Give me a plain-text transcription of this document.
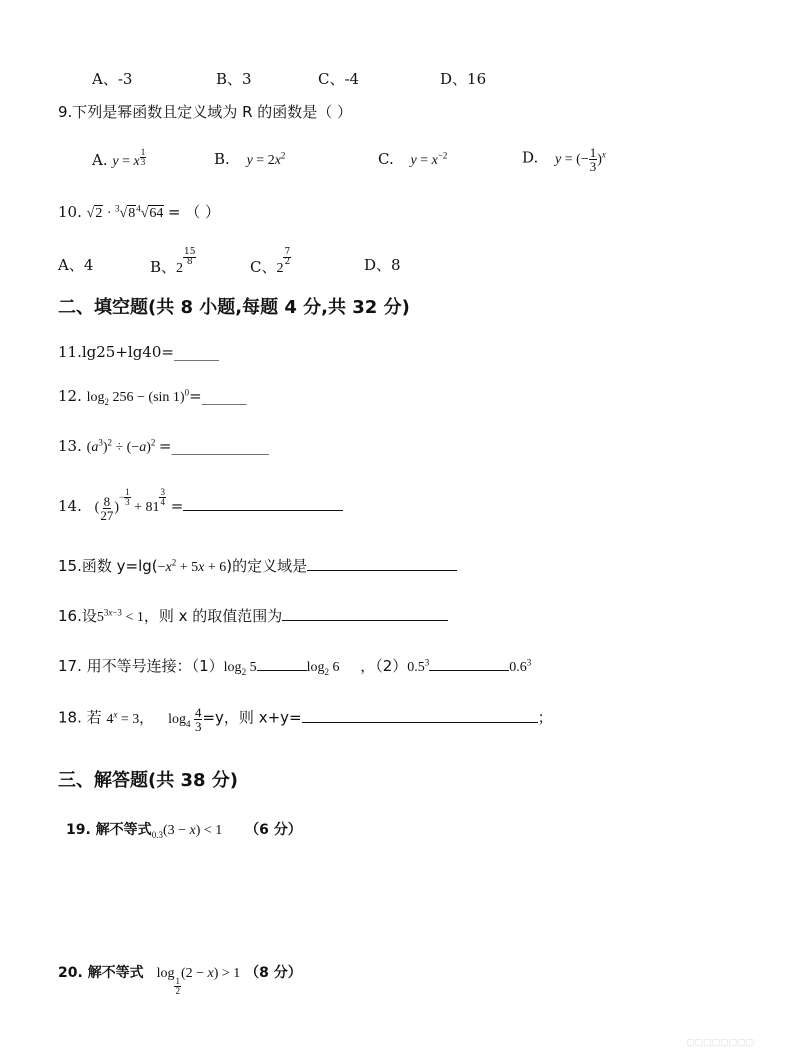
A、-3	B、3	C、-4	D、16
9.下列是幂函数且定义域为 R 的函数是（ ）
A. y = x $^{\frac{1}{3}}$	B. $y = 2x^2$	C. $y = x^{-2}$	D. y = (− $\frac{1}{3} )^x$
10. $√2 \cdot ^3√8^4√64$ = （ ）
A、4	B、2
$^{\frac{15}{8}}$	C、2
$^{\frac{7}{2}}$	D、8
二、填空题(共 8 小题,每题 4 分,共 32 分)
11.lg25+lg40=______
12. $\log_2 256 - (\sin$ 1)$^0$=______
13. $(a^3)^2 \div (-a)^2$ =_____________
14. ( $\frac{8}{27} )^{- \frac{1}{3}}$
+ 81
$^{\frac{3}{4}}$ =
15.函数 $y=\lg(-x^2 + 5x + 6)$的定义域是
16.设$5^{3x-3} < 1$，则 x 的取值范围为
17. 用不等号连接：$(1)\log_2$ 5	$\log_2 6$ ，$(2)0.5^3$	$0.6^3$
18. 若 $4^x = 3$， $\log_4 \frac{4}{3} =y$，则 x+y=	；
三、解答题(共 38 分)
19. 解不等式$_{0.3}$(3 − x) < 1 （6 分）
20. 解不等式 log
$_{\frac{1}{2}}$
(2 − x) > 1 （8 分）
▢▢▢▢▢▢▢▢
